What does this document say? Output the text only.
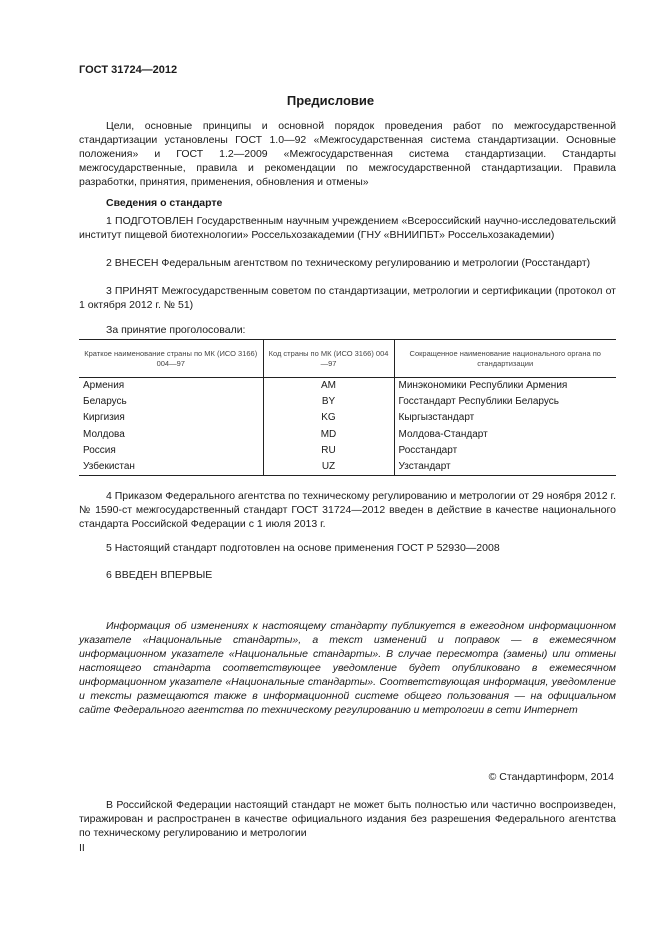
ГОСТ 31724—2012
Предисловие
Цели, основные принципы и основной порядок проведения работ по межгосударственной стандартизации установлены ГОСТ 1.0—92 «Межгосударственная система стандартизации. Основные положения» и ГОСТ 1.2—2009 «Межгосударственная система стандартизации. Стандарты межгосударственные, правила и рекомендации по межгосударственной стандартизации. Правила разработки, принятия, применения, обновления и отмены»
Сведения о стандарте
1 ПОДГОТОВЛЕН Государственным научным учреждением «Всероссийский научно-исследовательский институт пищевой биотехнологии» Россельхозакадемии (ГНУ «ВНИИПБТ» Россельхозакадемии)
2 ВНЕСЕН Федеральным агентством по техническому регулированию и метрологии (Росстандарт)
3 ПРИНЯТ Межгосударственным советом по стандартизации, метрологии и сертификации (протокол от 1 октября 2012 г. № 51)
За принятие проголосовали:
Краткое наименование страны по МК (ИСО 3166) 004—97	Код страны по МК (ИСО 3166) 004—97	Сокращенное наименование национального органа по стандартизации
Армения	AM	Минэкономики Республики Армения
Беларусь	BY	Госстандарт Республики Беларусь
Киргизия	KG	Кыргызстандарт
Молдова	MD	Молдова-Стандарт
Россия	RU	Росстандарт
Узбекистан	UZ	Узстандарт
4 Приказом Федерального агентства по техническому регулированию и метрологии от 29 ноября 2012 г. № 1590-ст межгосударственный стандарт ГОСТ 31724—2012 введен в действие в качестве национального стандарта Российской Федерации с 1 июля 2013 г.
5 Настоящий стандарт подготовлен на основе применения ГОСТ Р 52930—2008
6 ВВЕДЕН ВПЕРВЫЕ
Информация об изменениях к настоящему стандарту публикуется в ежегодном информационном указателе «Национальные стандарты», а текст изменений и поправок — в ежемесячном информационном указателе «Национальные стандарты». В случае пересмотра (замены) или отмены настоящего стандарта соответствующее уведомление будет опубликовано в ежемесячном информационном указателе «Национальные стандарты». Соответствующая информация, уведомление и тексты размещаются также в информационной системе общего пользования — на официальном сайте Федерального агентства по техническому регулированию и метрологии в сети Интернет
© Стандартинформ, 2014
В Российской Федерации настоящий стандарт не может быть полностью или частично воспроизведен, тиражирован и распространен в качестве официального издания без разрешения Федерального агентства по техническому регулированию и метрологии
II
